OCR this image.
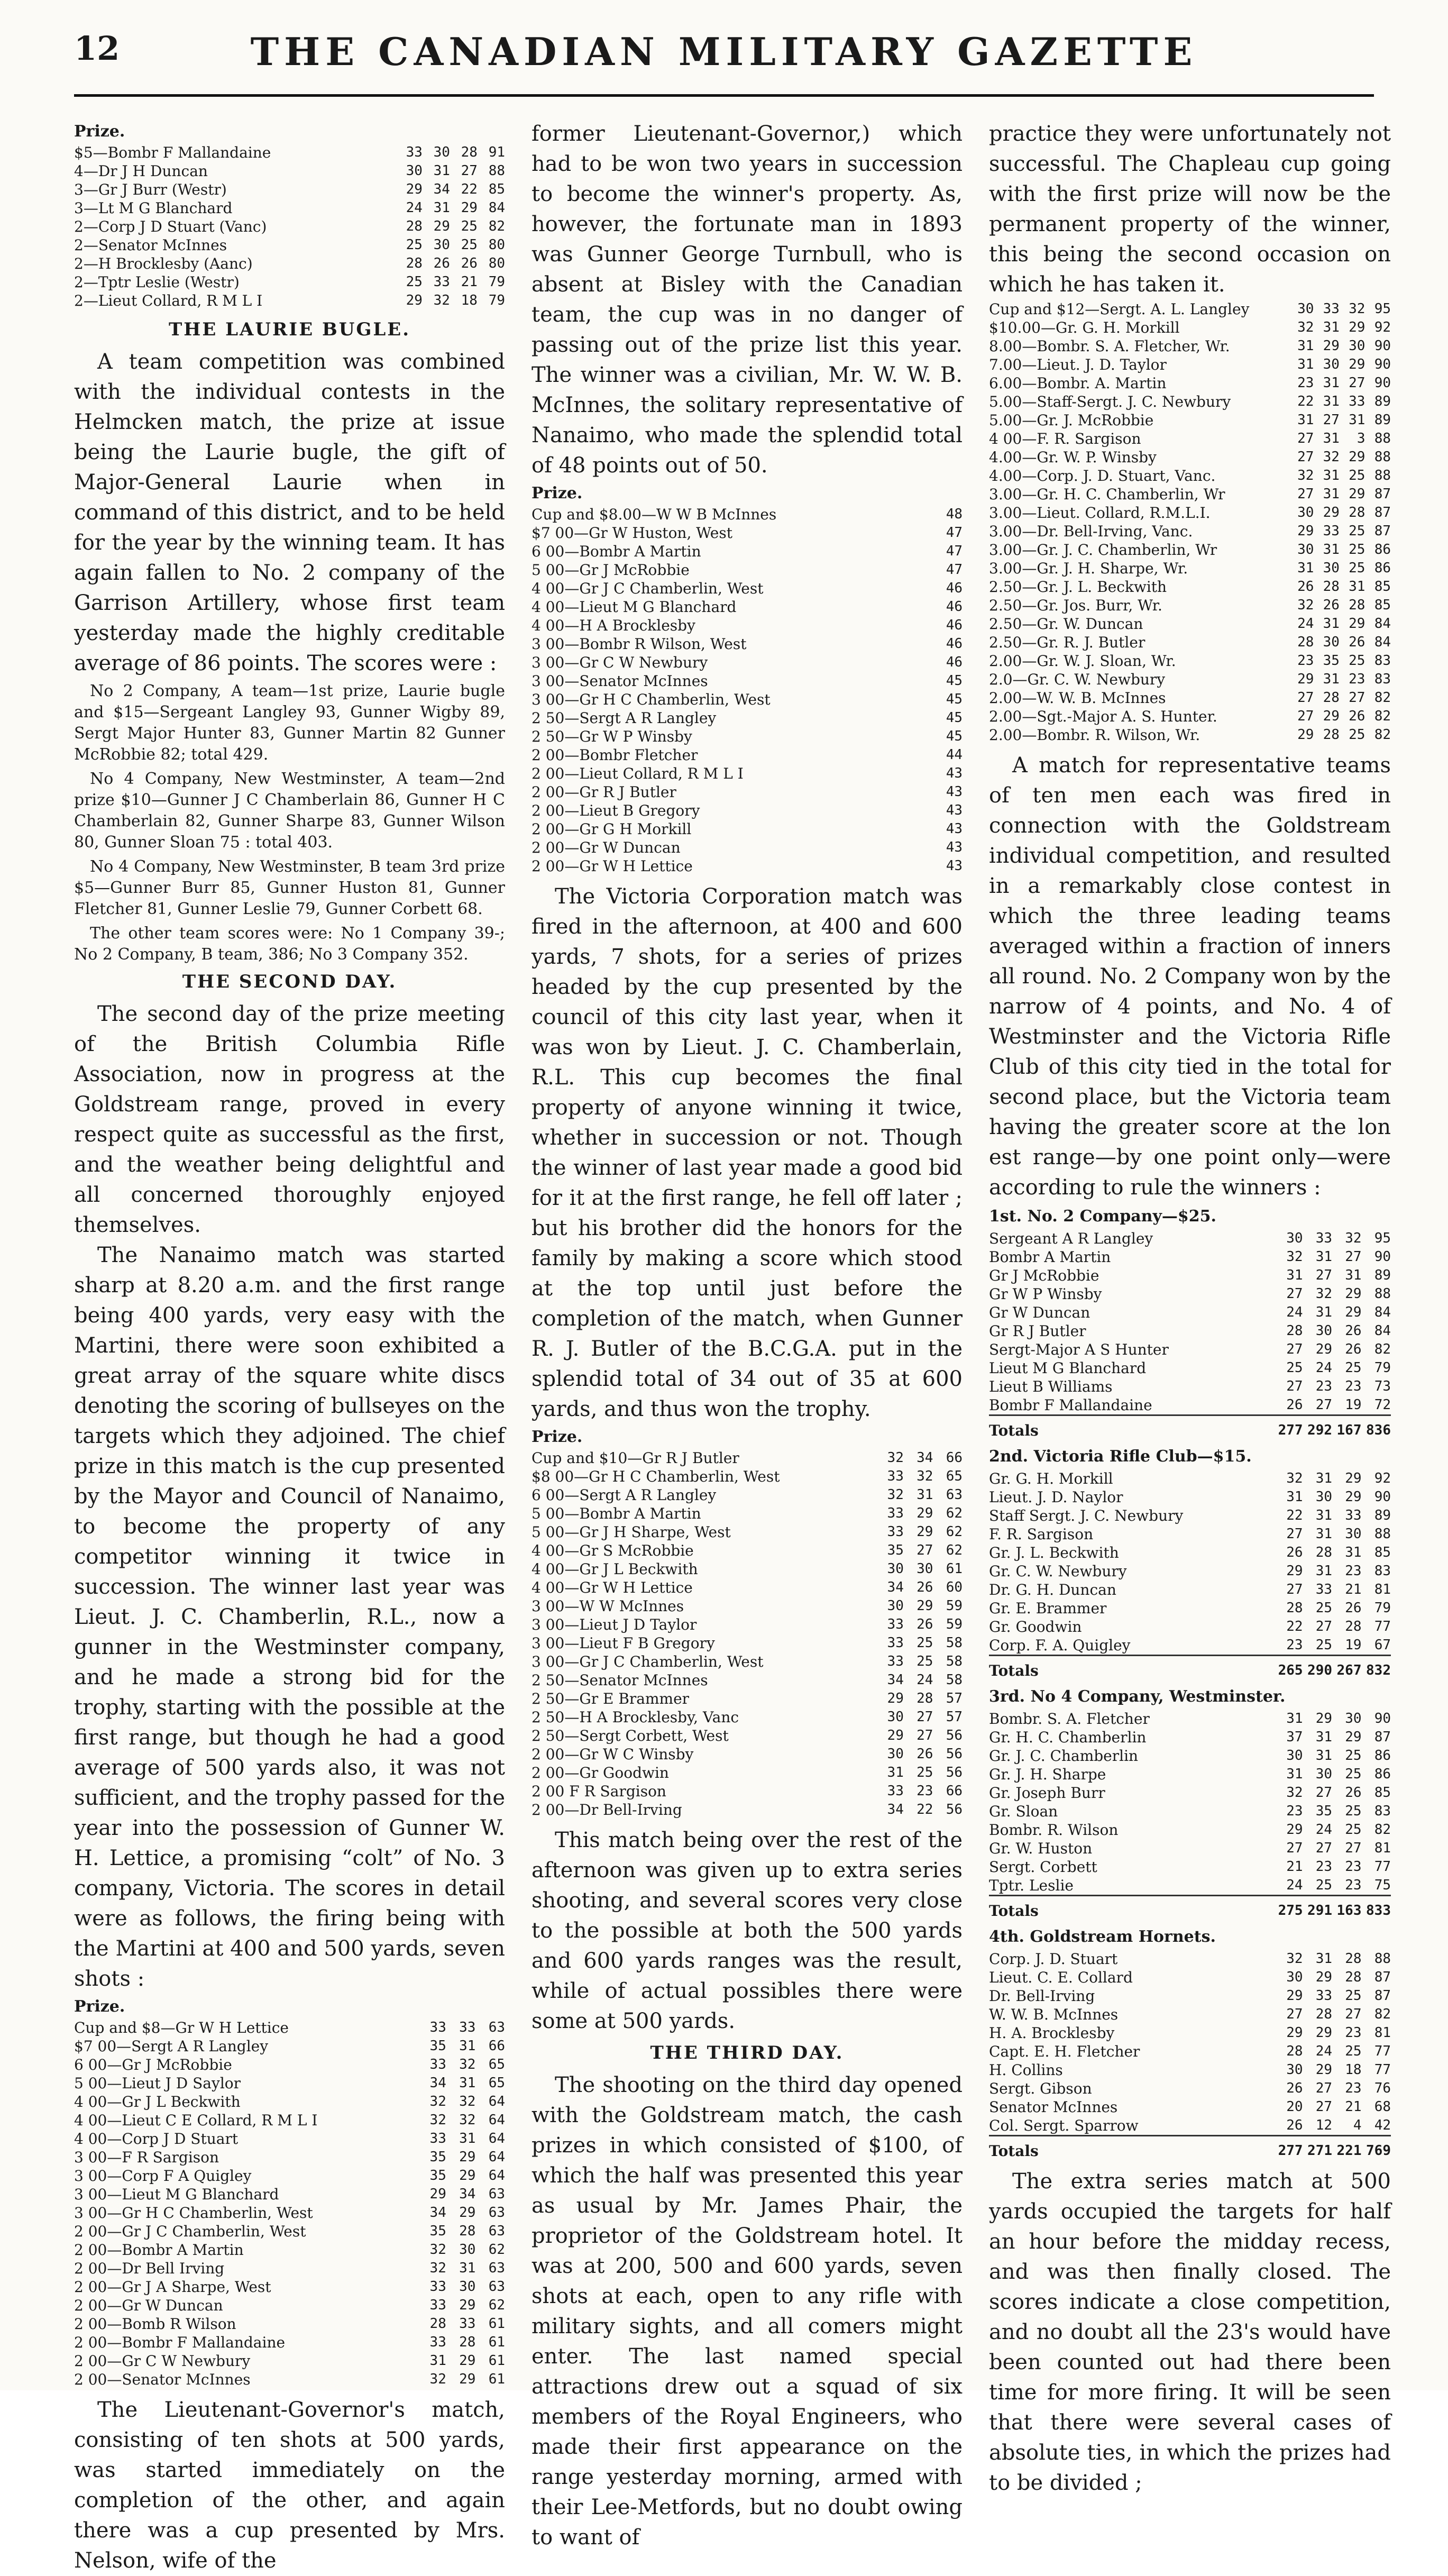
12	THE CANADIAN MILITARY GAZETTE
Prize.
$5—Bombr F Mallandaine	33	30	28	91
4—Dr J H Duncan	30	31	27	88
3—Gr J Burr (Westr)	29	34	22	85
3—Lt M G Blanchard	24	31	29	84
2—Corp J D Stuart (Vanc)	28	29	25	82
2—Senator McInnes	25	30	25	80
2—H Brocklesby (Aanc)	28	26	26	80
2—Tptr Leslie (Westr)	25	33	21	79
2—Lieut Collard, R M L I	29	32	18	79
THE LAURIE BUGLE.

A team competition was combined with the individual contests in the Helmcken match, the prize at issue being the Laurie bugle, the gift of Major-General Laurie when in command of this district, and to be held for the year by the winning team. It has again fallen to No. 2 company of the Garrison Artillery, whose first team yesterday made the highly creditable average of 86 points. The scores were :

No 2 Company, A team—1st prize, Laurie bugle and $15—Sergeant Langley 93, Gunner Wigby 89, Sergt Major Hunter 83, Gunner Martin 82 Gunner McRobbie 82; total 429.

No 4 Company, New Westminster, A team—2nd prize $10—Gunner J C Chamberlain 86, Gunner H C Chamberlain 82, Gunner Sharpe 83, Gunner Wilson 80, Gunner Sloan 75 : total 403.

No 4 Company, New Westminster, B team 3rd prize $5—Gunner Burr 85, Gunner Huston 81, Gunner Fletcher 81, Gunner Leslie 79, Gunner Corbett 68.

The other team scores were: No 1 Company 39-; No 2 Company, B team, 386; No 3 Company 352.

THE SECOND DAY.

The second day of the prize meeting of the British Columbia Rifle Association, now in progress at the Goldstream range, proved in every respect quite as successful as the first, and the weather being delightful and all concerned thoroughly enjoyed themselves.

The Nanaimo match was started sharp at 8.20 a.m. and the first range being 400 yards, very easy with the Martini, there were soon exhibited a great array of the square white discs denoting the scoring of bullseyes on the targets which they adjoined. The chief prize in this match is the cup presented by the Mayor and Council of Nanaimo, to become the property of any competitor winning it twice in succession. The winner last year was Lieut. J. C. Chamberlin, R.L., now a gunner in the Westminster company, and he made a strong bid for the trophy, starting with the possible at the first range, but though he had a good average of 500 yards also, it was not sufficient, and the trophy passed for the year into the possession of Gunner W. H. Lettice, a promising “colt” of No. 3 company, Victoria. The scores in detail were as follows, the firing being with the Martini at 400 and 500 yards, seven shots :

Prize.
Cup and $8—Gr W H Lettice	33	33	63
$7 00—Sergt A R Langley	35	31	66
6 00—Gr J McRobbie	33	32	65
5 00—Lieut J D Saylor	34	31	65
4 00—Gr J L Beckwith	32	32	64
4 00—Lieut C E Collard, R M L I	32	32	64
4 00—Corp J D Stuart	33	31	64
3 00—F R Sargison	35	29	64
3 00—Corp F A Quigley	35	29	64
3 00—Lieut M G Blanchard	29	34	63
3 00—Gr H C Chamberlin, West	34	29	63
2 00—Gr J C Chamberlin, West	35	28	63
2 00—Bombr A Martin	32	30	62
2 00—Dr Bell Irving	32	31	63
2 00—Gr J A Sharpe, West	33	30	63
2 00—Gr W Duncan	33	29	62
2 00—Bomb R Wilson	28	33	61
2 00—Bombr F Mallandaine	33	28	61
2 00—Gr C W Newbury	31	29	61
2 00—Senator McInnes	32	29	61

The Lieutenant-Governor's match, consisting of ten shots at 500 yards, was started immediately on the completion of the other, and again there was a cup presented by Mrs. Nelson, wife of the

former Lieutenant-Governor,) which had to be won two years in succession to become the winner's property. As, however, the fortunate man in 1893 was Gunner George Turnbull, who is absent at Bisley with the Canadian team, the cup was in no danger of passing out of the prize list this year. The winner was a civilian, Mr. W. W. B. McInnes, the solitary representative of Nanaimo, who made the splendid total of 48 points out of 50.

Prize.
Cup and $8.00—W W B McInnes	48
$7 00—Gr W Huston, West	47
6 00—Bombr A Martin	47
5 00—Gr J McRobbie	47
4 00—Gr J C Chamberlin, West	46
4 00—Lieut M G Blanchard	46
4 00—H A Brocklesby	46
3 00—Bombr R Wilson, West	46
3 00—Gr C W Newbury	46
3 00—Senator McInnes	45
3 00—Gr H C Chamberlin, West	45
2 50—Sergt A R Langley	45
2 50—Gr W P Winsby	45
2 00—Bombr Fletcher	44
2 00—Lieut Collard, R M L I	43
2 00—Gr R J Butler	43
2 00—Lieut B Gregory	43
2 00—Gr G H Morkill	43
2 00—Gr W Duncan	43
2 00—Gr W H Lettice	43

The Victoria Corporation match was fired in the afternoon, at 400 and 600 yards, 7 shots, for a series of prizes headed by the cup presented by the council of this city last year, when it was won by Lieut. J. C. Chamberlain, R.L. This cup becomes the final property of anyone winning it twice, whether in succession or not. Though the winner of last year made a good bid for it at the first range, he fell off later ; but his brother did the honors for the family by making a score which stood at the top until just before the completion of the match, when Gunner R. J. Butler of the B.C.G.A. put in the splendid total of 34 out of 35 at 600 yards, and thus won the trophy.

Prize.
Cup and $10—Gr R J Butler	32	34	66
$8 00—Gr H C Chamberlin, West	33	32	65
6 00—Sergt A R Langley	32	31	63
5 00—Bombr A Martin	33	29	62
5 00—Gr J H Sharpe, West	33	29	62
4 00—Gr S McRobbie	35	27	62
4 00—Gr J L Beckwith	30	30	61
4 00—Gr W H Lettice	34	26	60
3 00—W W McInnes	30	29	59
3 00—Lieut J D Taylor	33	26	59
3 00—Lieut F B Gregory	33	25	58
3 00—Gr J C Chamberlin, West	33	25	58
2 50—Senator McInnes	34	24	58
2 50—Gr E Brammer	29	28	57
2 50—H A Brocklesby, Vanc	30	27	57
2 50—Sergt Corbett, West	29	27	56
2 00—Gr W C Winsby	30	26	56
2 00—Gr Goodwin	31	25	56
2 00 F R Sargison	33	23	66
2 00—Dr Bell-Irving	34	22	56

This match being over the rest of the afternoon was given up to extra series shooting, and several scores very close to the possible at both the 500 yards and 600 yards ranges was the result, while of actual possibles there were some at 500 yards.

THE THIRD DAY.

The shooting on the third day opened with the Goldstream match, the cash prizes in which consisted of $100, of which the half was presented this year as usual by Mr. James Phair, the proprietor of the Goldstream hotel. It was at 200, 500 and 600 yards, seven shots at each, open to any rifle with military sights, and all comers might enter. The last named special attractions drew out a squad of six members of the Royal Engineers, who made their first appearance on the range yesterday morning, armed with their Lee-Metfords, but no doubt owing to want of

practice they were unfortunately not successful. The Chapleau cup going with the first prize will now be the permanent property of the winner, this being the second occasion on which he has taken it.

Cup and $12—Sergt. A. L. Langley	30	33	32	95
$10.00—Gr. G. H. Morkill	32	31	29	92
8.00—Bombr. S. A. Fletcher, Wr.	31	29	30	90
7.00—Lieut. J. D. Taylor	31	30	29	90
6.00—Bombr. A. Martin	23	31	27	90
5.00—Staff-Sergt. J. C. Newbury	22	31	33	89
5.00—Gr. J. McRobbie	31	27	31	89
4 00—F. R. Sargison	27	31	3	88
4.00—Gr. W. P. Winsby	27	32	29	88
4.00—Corp. J. D. Stuart, Vanc.	32	31	25	88
3.00—Gr. H. C. Chamberlin, Wr	27	31	29	87
3.00—Lieut. Collard, R.M.L.I.	30	29	28	87
3.00—Dr. Bell-Irving, Vanc.	29	33	25	87
3.00—Gr. J. C. Chamberlin, Wr	30	31	25	86
3.00—Gr. J. H. Sharpe, Wr.	31	30	25	86
2.50—Gr. J. L. Beckwith	26	28	31	85
2.50—Gr. Jos. Burr, Wr.	32	26	28	85
2.50—Gr. W. Duncan	24	31	29	84
2.50—Gr. R. J. Butler	28	30	26	84
2.00—Gr. W. J. Sloan, Wr.	23	35	25	83
2.0—Gr. C. W. Newbury	29	31	23	83
2.00—W. W. B. McInnes	27	28	27	82
2.00—Sgt.-Major A. S. Hunter.	27	29	26	82
2.00—Bombr. R. Wilson, Wr.	29	28	25	82

A match for representative teams of ten men each was fired in connection with the Goldstream individual competition, and resulted in a remarkably close contest in which the three leading teams averaged within a fraction of inners all round. No. 2 Company won by the narrow of 4 points, and No. 4 of Westminster and the Victoria Rifle Club of this city tied in the total for second place, but the Victoria team having the greater score at the lon est range—by one point only—were according to rule the winners :

1st. No. 2 Company—$25.
Sergeant A R Langley	30	33	32	95
Bombr A Martin	32	31	27	90
Gr J McRobbie	31	27	31	89
Gr W P Winsby	27	32	29	88
Gr W Duncan	24	31	29	84
Gr R J Butler	28	30	26	84
Sergt-Major A S Hunter	27	29	26	82
Lieut M G Blanchard	25	24	25	79
Lieut B Williams	27	23	23	73
Bombr F Mallandaine	26	27	19	72
Totals	277	292	167	836
2nd. Victoria Rifle Club—$15.
Gr. G. H. Morkill	32	31	29	92
Lieut. J. D. Naylor	31	30	29	90
Staff Sergt. J. C. Newbury	22	31	33	89
F. R. Sargison	27	31	30	88
Gr. J. L. Beckwith	26	28	31	85
Gr. C. W. Newbury	29	31	23	83
Dr. G. H. Duncan	27	33	21	81
Gr. E. Brammer	28	25	26	79
Gr. Goodwin	22	27	28	77
Corp. F. A. Quigley	23	25	19	67
Totals	265	290	267	832
3rd. No 4 Company, Westminster.
Bombr. S. A. Fletcher	31	29	30	90
Gr. H. C. Chamberlin	37	31	29	87
Gr. J. C. Chamberlin	30	31	25	86
Gr. J. H. Sharpe	31	30	25	86
Gr. Joseph Burr	32	27	26	85
Gr. Sloan	23	35	25	83
Bombr. R. Wilson	29	24	25	82
Gr. W. Huston	27	27	27	81
Sergt. Corbett	21	23	23	77
Tptr. Leslie	24	25	23	75
Totals	275	291	163	833
4th. Goldstream Hornets.
Corp. J. D. Stuart	32	31	28	88
Lieut. C. E. Collard	30	29	28	87
Dr. Bell-Irving	29	33	25	87
W. W. B. McInnes	27	28	27	82
H. A. Brocklesby	29	29	23	81
Capt. E. H. Fletcher	28	24	25	77
H. Collins	30	29	18	77
Sergt. Gibson	26	27	23	76
Senator McInnes	20	27	21	68
Col. Sergt. Sparrow	26	12	4	42
Totals	277	271	221	769

The extra series match at 500 yards occupied the targets for half an hour before the midday recess, and was then finally closed. The scores indicate a close competition, and no doubt all the 23's would have been counted out had there been time for more firing. It will be seen that there were several cases of absolute ties, in which the prizes had to be divided ;
